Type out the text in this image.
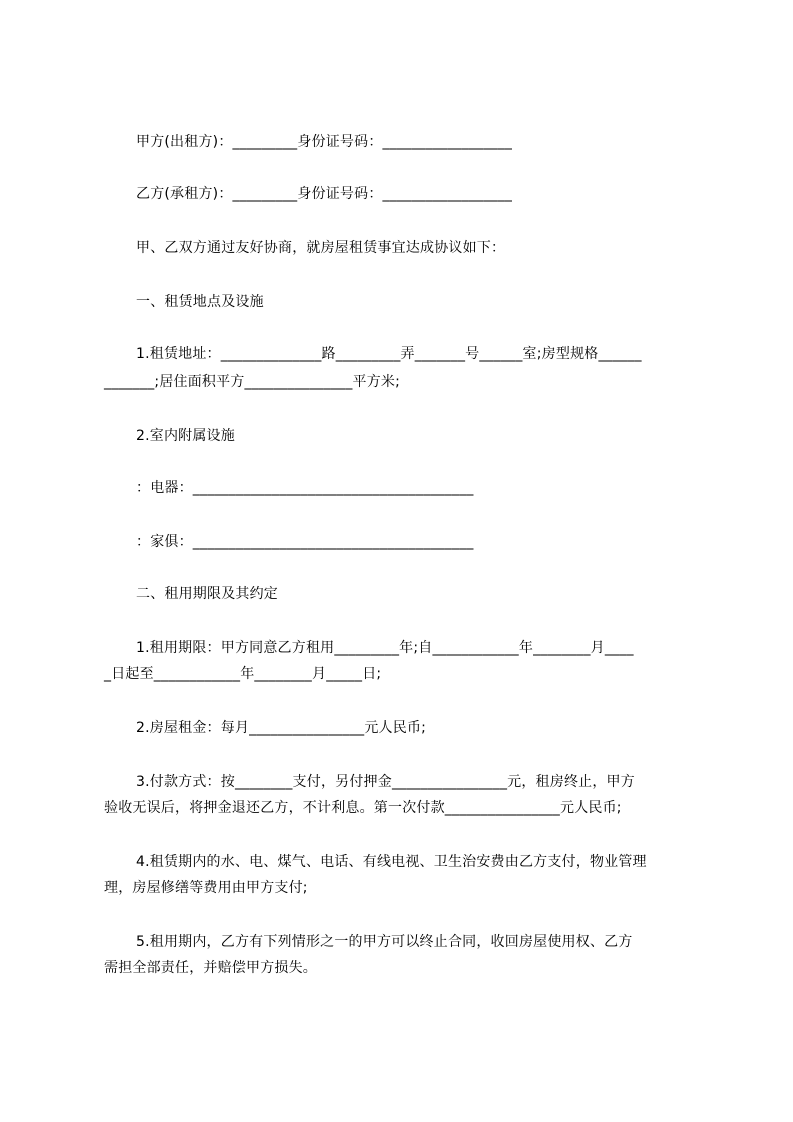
甲方(出租方)：_________身份证号码：__________________
乙方(承租方)：_________身份证号码：__________________
甲、乙双方通过友好协商，就房屋租赁事宜达成协议如下：
一、租赁地点及设施
1.租赁地址：______________路_________弄_______号______室;房型规格______
_______;居住面积平方_______________平方米;
2.室内附属设施
：电器：_______________________________________
：家俱：_______________________________________
二、租用期限及其约定
1.租用期限：甲方同意乙方租用_________年;自____________年________月____
_日起至____________年________月_____日;
2.房屋租金：每月________________元人民币;
3.付款方式：按________支付，另付押金________________元，租房终止，甲方
验收无误后，将押金退还乙方，不计利息。第一次付款________________元人民币;
4.租赁期内的水、电、煤气、电话、有线电视、卫生治安费由乙方支付，物业管理
理，房屋修缮等费用由甲方支付;
5.租用期内，乙方有下列情形之一的甲方可以终止合同，收回房屋使用权、乙方
需担全部责任，并赔偿甲方损失。
